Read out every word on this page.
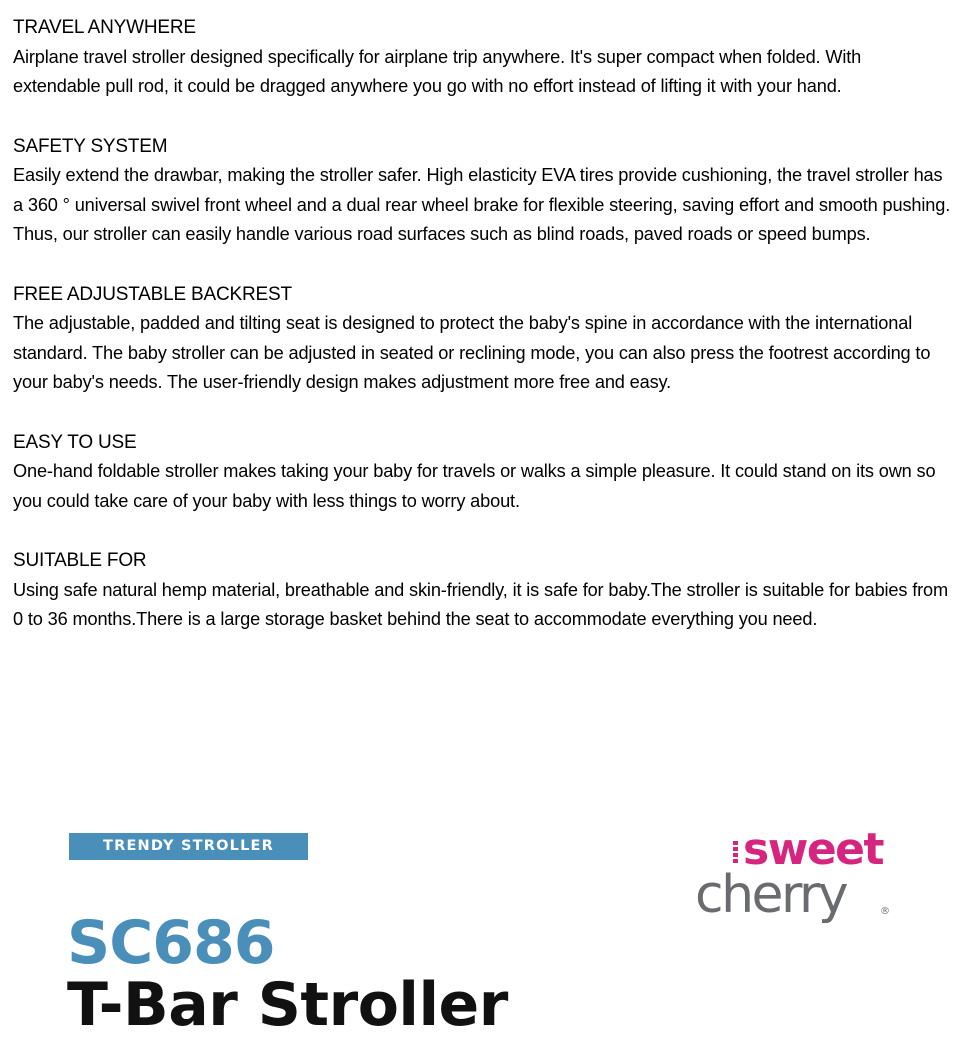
TRAVEL ANYWHERE

Airplane travel stroller designed specifically for airplane trip anywhere. It's super compact when folded. With extendable pull rod, it could be dragged anywhere you go with no effort instead of lifting it with your hand.

SAFETY SYSTEM

Easily extend the drawbar, making the stroller safer. High elasticity EVA tires provide cushioning, the travel stroller has a 360 ° universal swivel front wheel and a dual rear wheel brake for flexible steering, saving effort and smooth pushing. Thus, our stroller can easily handle various road surfaces such as blind roads, paved roads or speed bumps.

FREE ADJUSTABLE BACKREST

The adjustable, padded and tilting seat is designed to protect the baby's spine in accordance with the international standard. The baby stroller can be adjusted in seated or reclining mode, you can also press the footrest according to your baby's needs. The user-friendly design makes adjustment more free and easy.

EASY TO USE

One-hand foldable stroller makes taking your baby for travels or walks a simple pleasure. It could stand on its own so you could take care of your baby with less things to worry about.

SUITABLE FOR

Using safe natural hemp material, breathable and skin-friendly, it is safe for baby.The stroller is suitable for babies from 0 to 36 months.There is a large storage basket behind the seat to accommodate everything you need.

TRENDY STROLLER
SC686
T-Bar Stroller
sweet
cherry	®
